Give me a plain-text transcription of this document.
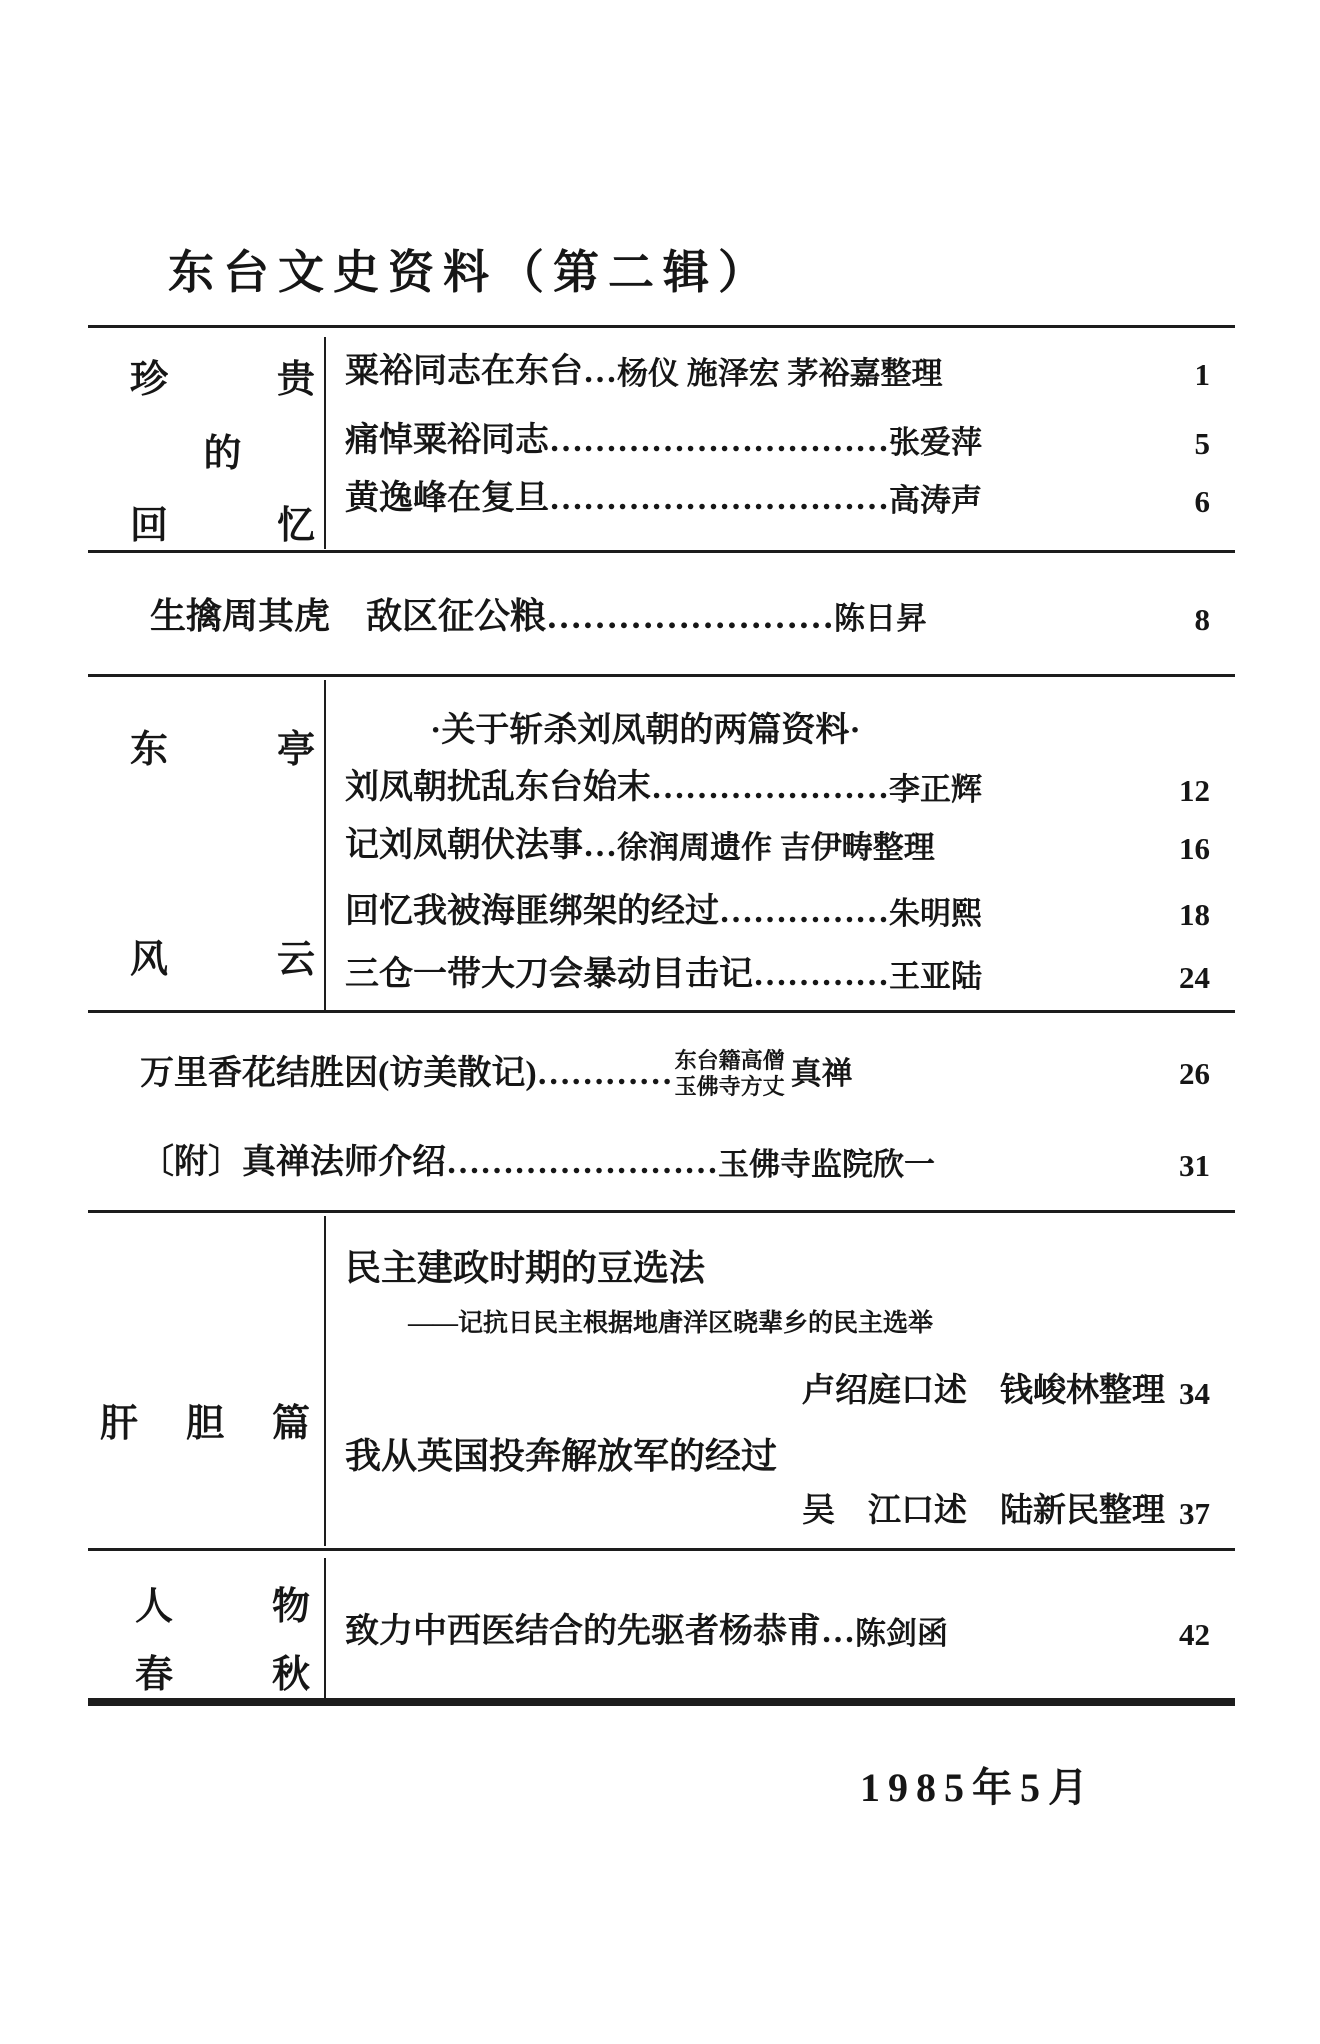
东台文史资料（第二辑）
珍	贵
的
回	忆
粟裕同志在东台… 杨仪 施泽宏 茅裕嘉整理	1
痛悼粟裕同志………………………… 张爱萍	5
黄逸峰在复旦………………………… 高涛声	6
生擒周其虎　敌区征公粮…………………… 陈日昇	8
东	亭
风	云
·关于斩杀刘凤朝的两篇资料·
刘凤朝扰乱东台始末………………… 李正辉	12
记刘凤朝伏法事… 徐润周遗作 吉伊畴整理	16
回忆我被海匪绑架的经过…………… 朱明熙	18
三仓一带大刀会暴动目击记………… 王亚陆	24
万里香花结胜因(访美散记)………… 东台籍高僧
玉佛寺方丈 真禅	26
〔附〕真禅法师介绍…………………… 玉佛寺监院欣一	31
肝 胆 篇
民主建政时期的豆选法
——记抗日民主根据地唐洋区晓辈乡的民主选举
卢绍庭口述　钱峻林整理 34
我从英国投奔解放军的经过
吴　江口述　陆新民整理 37
人	物
春	秋
致力中西医结合的先驱者杨恭甫… 陈剑函	42
1985年5月
